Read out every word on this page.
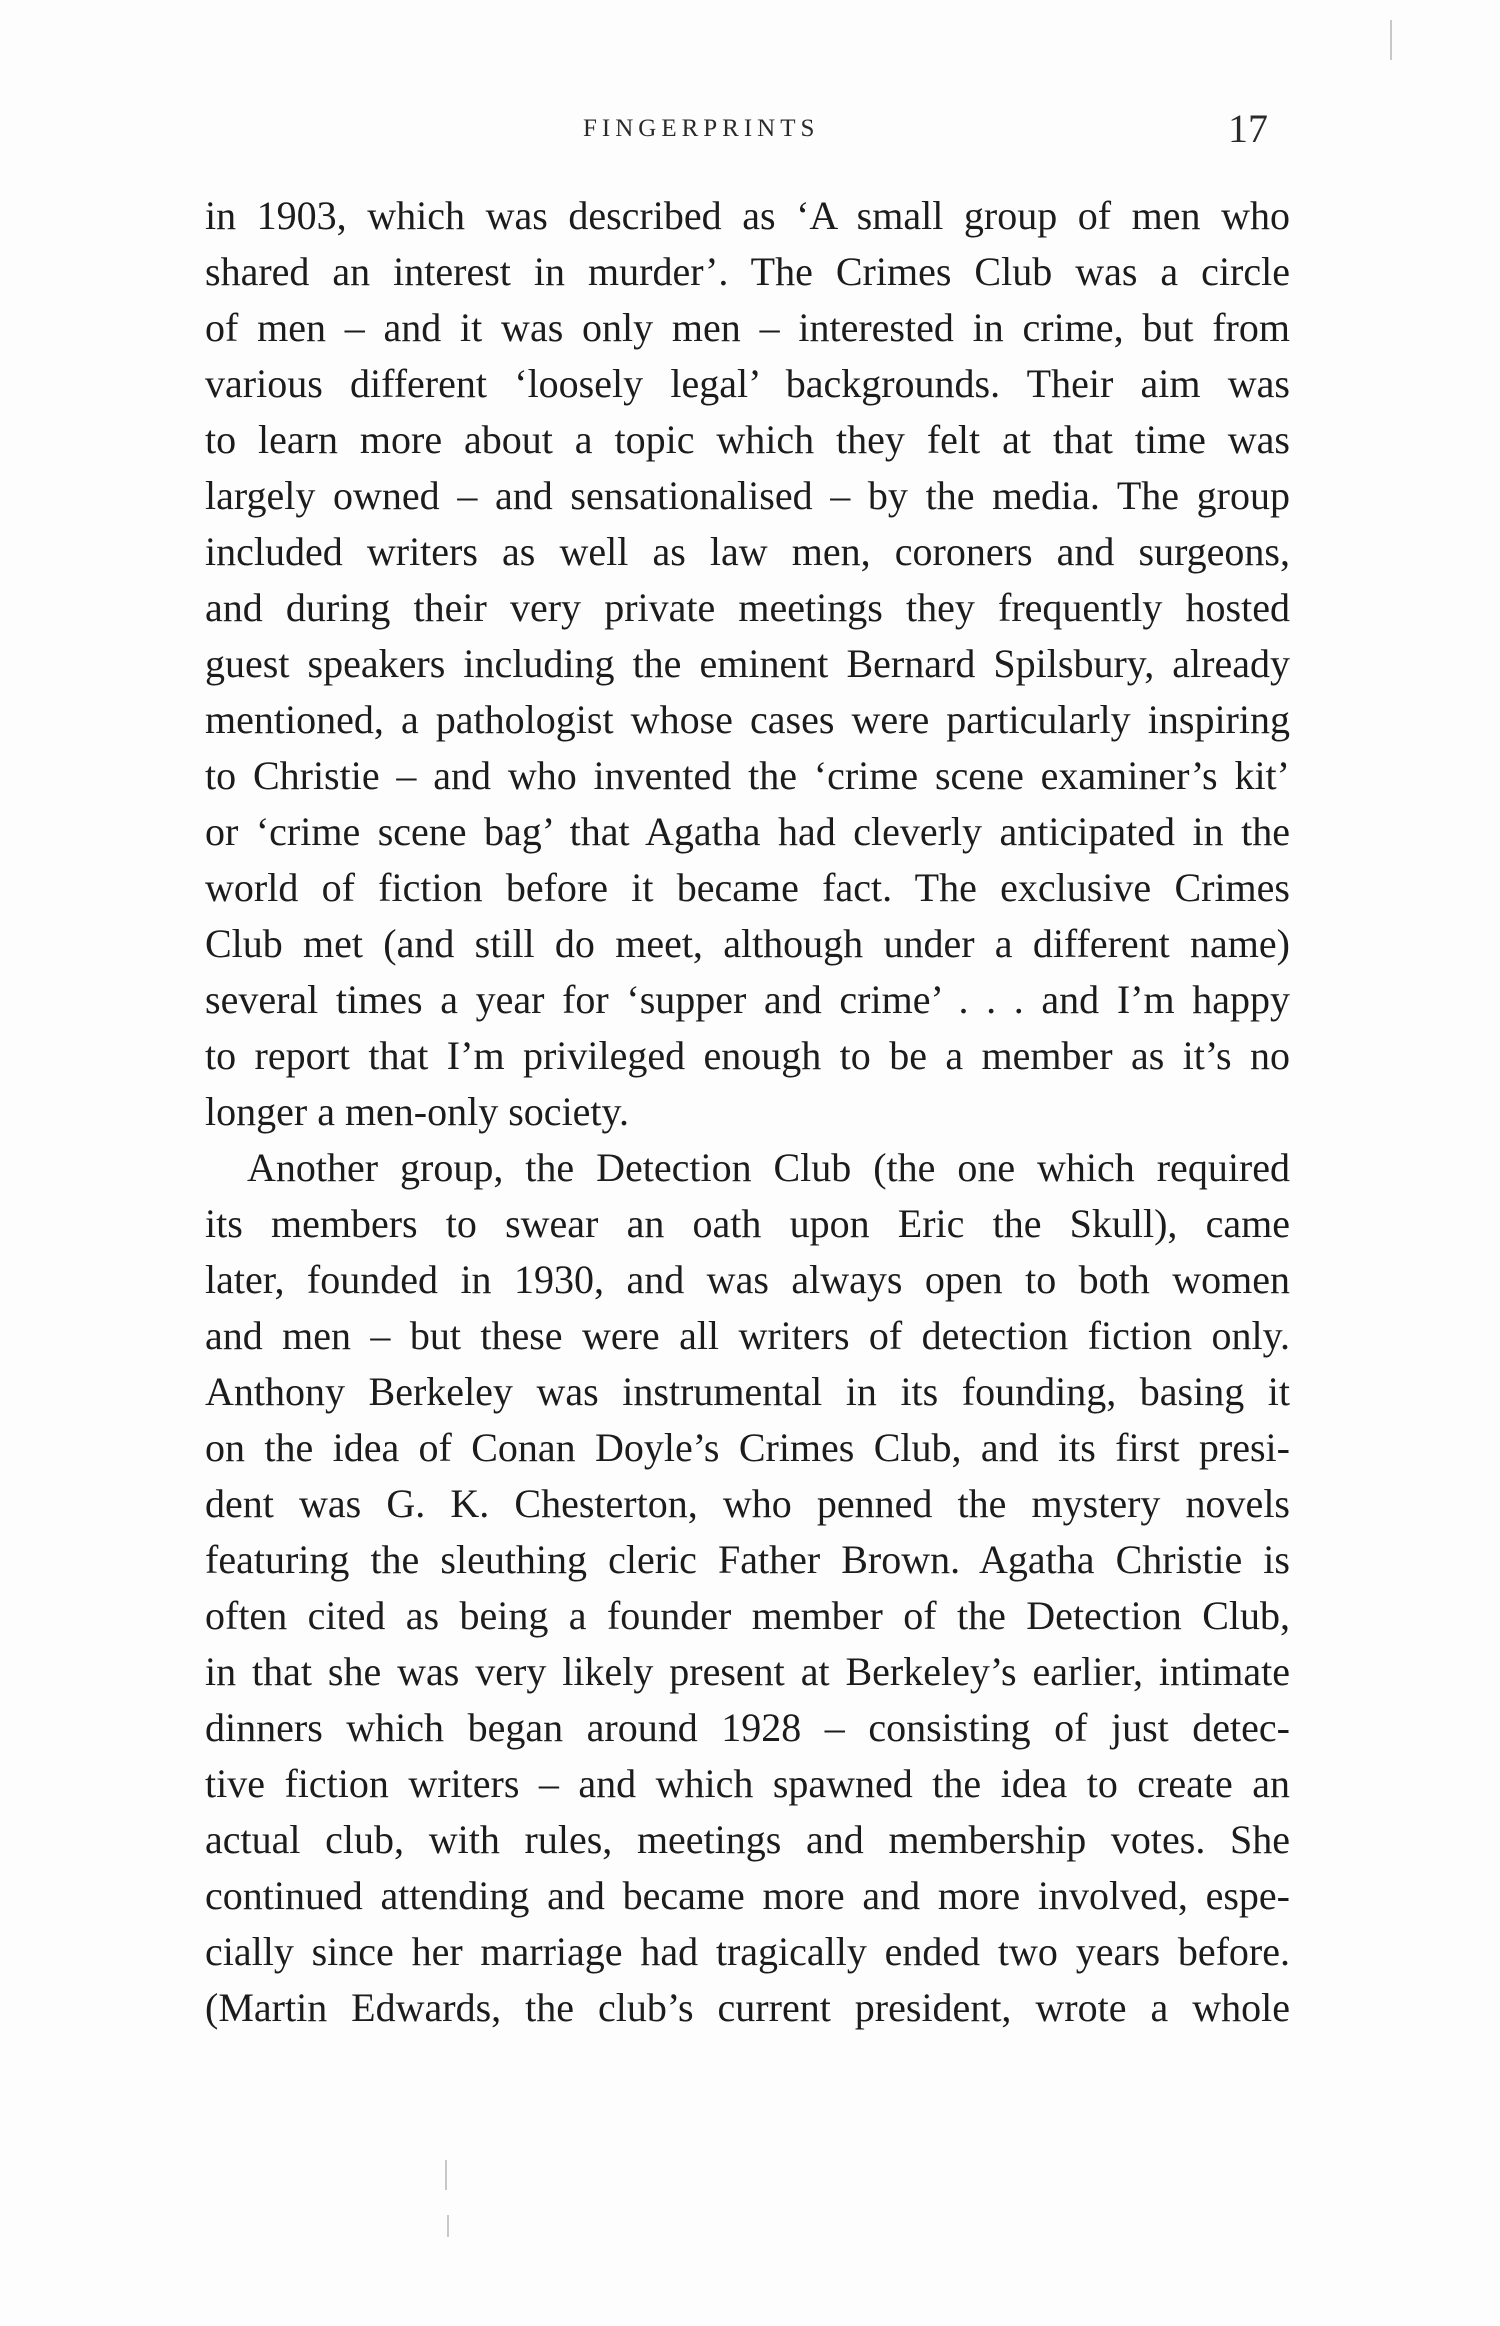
FINGERPRINTS	17
in 1903, which was described as ‘A small group of men who
shared an interest in murder’. The Crimes Club was a circle
of men – and it was only men – interested in crime, but from
various different ‘loosely legal’ backgrounds. Their aim was
to learn more about a topic which they felt at that time was
largely owned – and sensationalised – by the media. The group
included writers as well as law men, coroners and surgeons,
and during their very private meetings they frequently hosted
guest speakers including the eminent Bernard Spilsbury, already
mentioned, a pathologist whose cases were particularly inspiring
to Christie – and who invented the ‘crime scene examiner’s kit’
or ‘crime scene bag’ that Agatha had cleverly anticipated in the
world of fiction before it became fact. The exclusive Crimes
Club met (and still do meet, although under a different name)
several times a year for ‘supper and crime’ . . . and I’m happy
to report that I’m privileged enough to be a member as it’s no
longer a men-only society.
Another group, the Detection Club (the one which required
its members to swear an oath upon Eric the Skull), came
later, founded in 1930, and was always open to both women
and men – but these were all writers of detection fiction only.
Anthony Berkeley was instrumental in its founding, basing it
on the idea of Conan Doyle’s Crimes Club, and its first presi-
dent was G. K. Chesterton, who penned the mystery novels
featuring the sleuthing cleric Father Brown. Agatha Christie is
often cited as being a founder member of the Detection Club,
in that she was very likely present at Berkeley’s earlier, intimate
dinners which began around 1928 – consisting of just detec-
tive fiction writers – and which spawned the idea to create an
actual club, with rules, meetings and membership votes. She
continued attending and became more and more involved, espe-
cially since her marriage had tragically ended two years before.
(Martin Edwards, the club’s current president, wrote a whole
